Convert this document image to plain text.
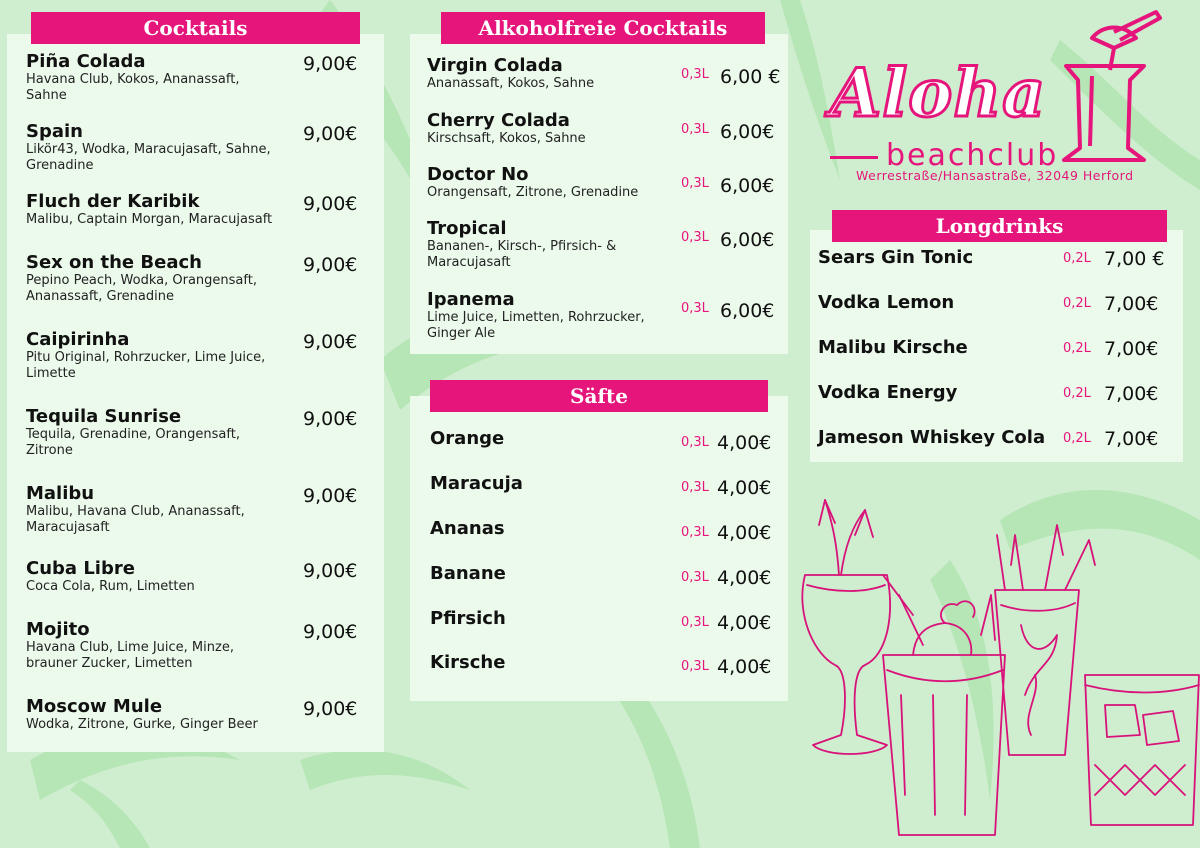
Cocktails
Piña Colada
Havana Club, Kokos, Ananassaft, Sahne
9,00€
Spain
Likör43, Wodka, Maracujasaft, Sahne, Grenadine
9,00€
Fluch der Karibik
Malibu, Captain Morgan, Maracujasaft
9,00€
Sex on the Beach
Pepino Peach, Wodka, Orangensaft, Ananassaft, Grenadine
9,00€
Caipirinha
Pitu Original, Rohrzucker, Lime Juice, Limette
9,00€
Tequila Sunrise
Tequila, Grenadine, Orangensaft, Zitrone
9,00€
Malibu
Malibu, Havana Club, Ananassaft, Maracujasaft
9,00€
Cuba Libre
Coca Cola, Rum, Limetten
9,00€
Mojito
Havana Club, Lime Juice, Minze, brauner Zucker, Limetten
9,00€
Moscow Mule
Wodka, Zitrone, Gurke, Ginger Beer
9,00€
Alkoholfreie Cocktails
Virgin Colada
Ananassaft, Kokos, Sahne
0,3L 6,00 €
Cherry Colada
Kirschsaft, Kokos, Sahne
0,3L 6,00€
Doctor No
Orangensaft, Zitrone, Grenadine
0,3L 6,00€
Tropical
Bananen-, Kirsch-, Pfirsich- & Maracujasaft
0,3L 6,00€
Ipanema
Lime Juice, Limetten, Rohrzucker, Ginger Ale
0,3L 6,00€
Säfte
Orange	0,3L 4,00€
Maracuja	0,3L 4,00€
Ananas	0,3L 4,00€
Banane	0,3L 4,00€
Pfirsich	0,3L 4,00€
Kirsche	0,3L 4,00€
Longdrinks
Sears Gin Tonic	0,2L 7,00 €
Vodka Lemon	0,2L 7,00€
Malibu Kirsche	0,2L 7,00€
Vodka Energy	0,2L 7,00€
Jameson Whiskey Cola	0,2L 7,00€
Aloha
beachclub
Werrestraße/Hansastraße, 32049 Herford
